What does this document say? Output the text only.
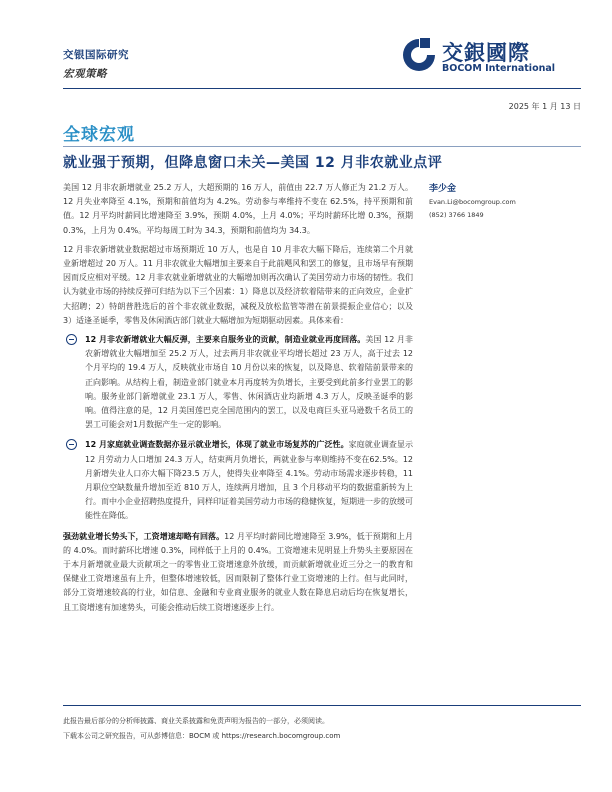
交银国际研究
宏观策略
交銀國際
BOCOM International
2025 年 1 月 13 日
全球宏观
就业强于预期，但降息窗口未关—美国 12 月非农就业点评

美国 12 月非农新增就业 25.2 万人，大超预期的 16 万人，前值由 22.7 万人修正为 21.2 万人。12 月失业率降至 4.1%，预期和前值均为 4.2%。劳动参与率维持不变在 62.5%，持平预期和前值。12 月平均时薪同比增速降至 3.9%，预期 4.0%，上月 4.0%；平均时薪环比增 0.3%，预期 0.3%，上月为 0.4%。平均每周工时为 34.3，预期和前值均为 34.3。

12 月非农新增就业数据超过市场预期近 10 万人，也是自 10 月非农大幅下降后，连续第二个月就业新增超过 20 万人。11 月非农就业大幅增加主要来自于此前飓风和罢工的修复，且市场早有预期因而反应相对平缓。12 月非农就业新增就业的大幅增加则再次确认了美国劳动力市场的韧性。我们认为就业市场的持续反弹可归结为以下三个因素：1）降息以及经济软着陆带来的正向效应，企业扩大招聘；2）特朗普胜选后的首个非农就业数据，减税及放松监管等潜在前景提振企业信心；以及 3）适逢圣诞季，零售及休闲酒店部门就业大幅增加为短期驱动因素。具体来看：

12 月非农新增就业大幅反弹，主要来自服务业的贡献，制造业就业再度回落。美国 12 月非农新增就业大幅增加至 25.2 万人，过去两月非农就业平均增长超过 23 万人，高于过去 12 个月平均的 19.4 万人，反映就业市场自 10 月份以来的恢复，以及降息、软着陆前景带来的正向影响。从结构上看，制造业部门就业本月再度转为负增长，主要受到此前多行业罢工的影响。服务业部门新增就业 23.1 万人，零售、休闲酒店业均新增 4.3 万人，反映圣诞季的影响。值得注意的是，12 月美国莲巴克全国范围内的罢工，以及电商巨头亚马逊数千名员工的罢工可能会对1月数据产生一定的影响。
12 月家庭就业调查数据亦显示就业增长，体现了就业市场复苏的广泛性。家庭就业调查显示 12 月劳动力人口增加 24.3 万人，结束两月负增长，两就业参与率则维持不变在62.5%。12 月新增失业人口亦大幅下降23.5 万人，使得失业率降至 4.1%。劳动市场需求逐步转稳，11 月职位空缺数量升增加至近 810 万人，连续两月增加，且 3 个月移动平均的数据重新转为上行。而中小企业招聘热度提升，同样印证着美国劳动力市场的稳健恢复，短期进一步的放缓可能性在降低。

强劲就业增长势头下，工资增速却略有回落。12 月平均时薪同比增速降至 3.9%，低于预期和上月的 4.0%。而时薪环比增速 0.3%，同样低于上月的 0.4%。工资增速未见明显上升势头主要原因在于本月新增就业最大贡献项之一的零售业工资增速意外放缓，而贡献新增就业近三分之一的教育和保健业工资增速虽有上升，但整体增速较低，因而限制了整体行业工资增速的上行。但与此同时，部分工资增速较高的行业，如信息、金融和专业商业服务的就业人数在降息启动后均在恢复增长，且工资增速有加速势头，可能会推动后续工资增速逐步上行。

李少金
Evan.Li@bocomgroup.com
(852) 3766 1849
此报告最后部分的分析师披露、商业关系披露和免责声明为报告的一部分，必须阅读。
下载本公司之研究报告，可从彭博信息：BOCM 或 https://research.bocomgroup.com
